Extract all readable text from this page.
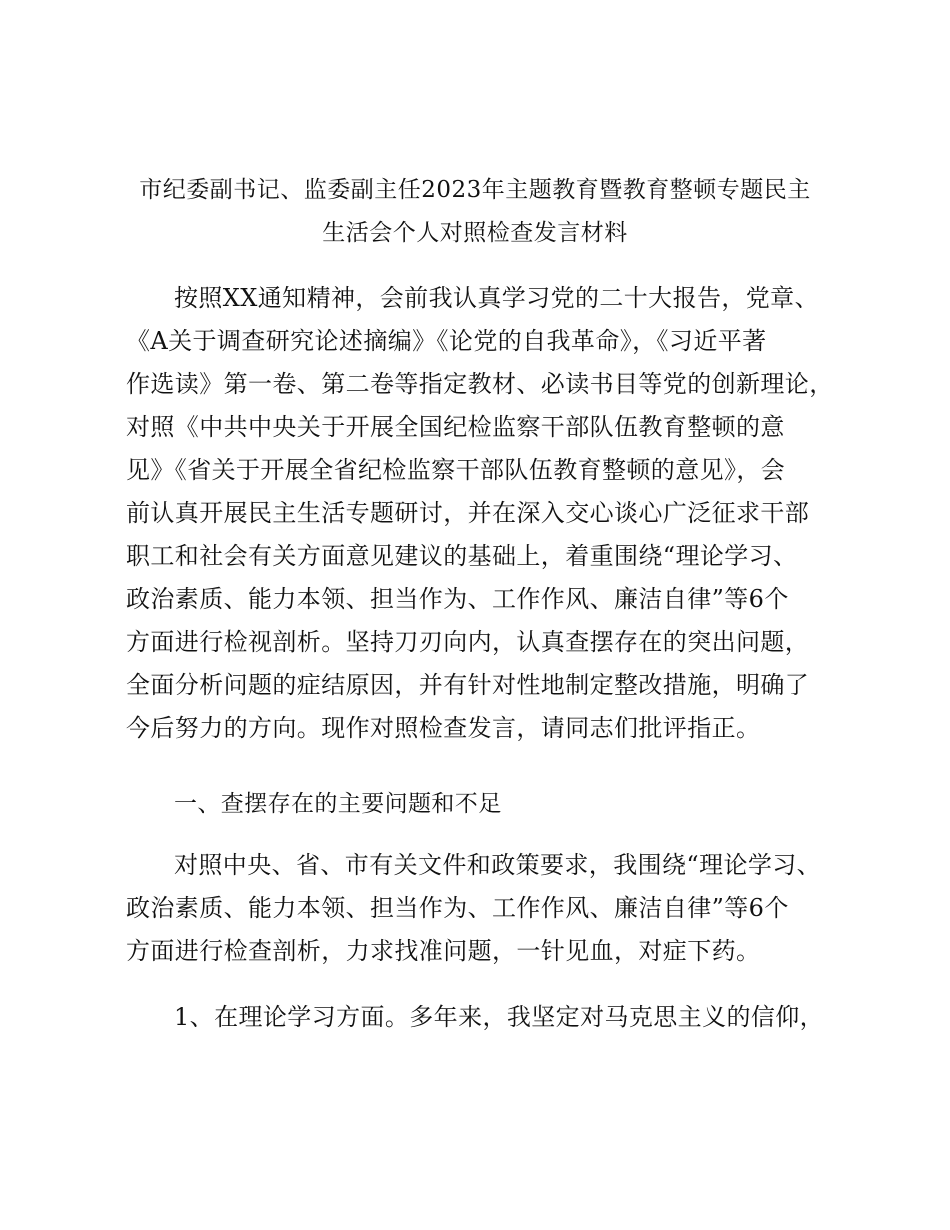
市纪委副书记、监委副主任2023年主题教育暨教育整顿专题民主
生活会个人对照检查发言材料
按照XX通知精神，会前我认真学习党的二十大报告，党章、
《A关于调查研究论述摘编》《论党的自我革命》，《习近平著
作选读》第一卷、第二卷等指定教材、必读书目等党的创新理论，
对照《中共中央关于开展全国纪检监察干部队伍教育整顿的意
见》《省关于开展全省纪检监察干部队伍教育整顿的意见》，会
前认真开展民主生活专题研讨，并在深入交心谈心广泛征求干部
职工和社会有关方面意见建议的基础上，着重围绕“理论学习、
政治素质、能力本领、担当作为、工作作风、廉洁自律”等6个
方面进行检视剖析。坚持刀刃向内，认真查摆存在的突出问题，
全面分析问题的症结原因，并有针对性地制定整改措施，明确了
今后努力的方向。现作对照检查发言，请同志们批评指正。
一、查摆存在的主要问题和不足
对照中央、省、市有关文件和政策要求，我围绕“理论学习、
政治素质、能力本领、担当作为、工作作风、廉洁自律”等6个
方面进行检查剖析，力求找准问题，一针见血，对症下药。
1、在理论学习方面。多年来，我坚定对马克思主义的信仰，
